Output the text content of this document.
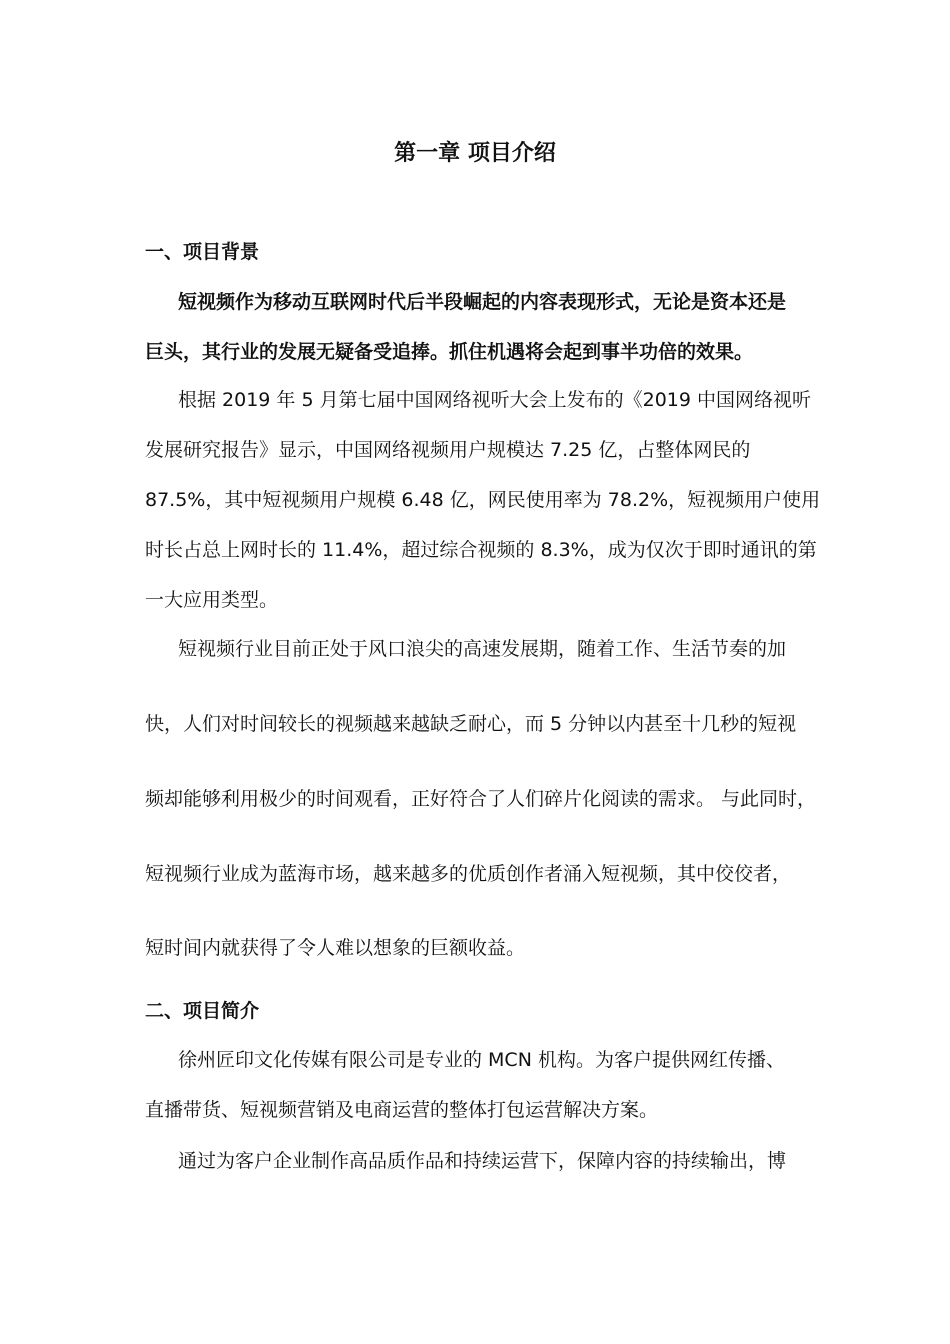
第一章 项目介绍
一、项目背景
短视频作为移动互联网时代后半段崛起的内容表现形式，无论是资本还是
巨头，其行业的发展无疑备受追捧。抓住机遇将会起到事半功倍的效果。
根据 2019 年 5 月第七届中国网络视听大会上发布的《2019 中国网络视听
发展研究报告》显示，中国网络视频用户规模达 7.25 亿，占整体网民的
87.5%，其中短视频用户规模 6.48 亿，网民使用率为 78.2%，短视频用户使用
时长占总上网时长的 11.4%，超过综合视频的 8.3%，成为仅次于即时通讯的第
一大应用类型。
短视频行业目前正处于风口浪尖的高速发展期，随着工作、生活节奏的加
快，人们对时间较长的视频越来越缺乏耐心，而 5 分钟以内甚至十几秒的短视
频却能够利用极少的时间观看，正好符合了人们碎片化阅读的需求。 与此同时，
短视频行业成为蓝海市场，越来越多的优质创作者涌入短视频，其中佼佼者，
短时间内就获得了令人难以想象的巨额收益。
二、项目简介
徐州匠印文化传媒有限公司是专业的 MCN 机构。为客户提供网红传播、
直播带货、短视频营销及电商运营的整体打包运营解决方案。
通过为客户企业制作高品质作品和持续运营下，保障内容的持续输出，博
